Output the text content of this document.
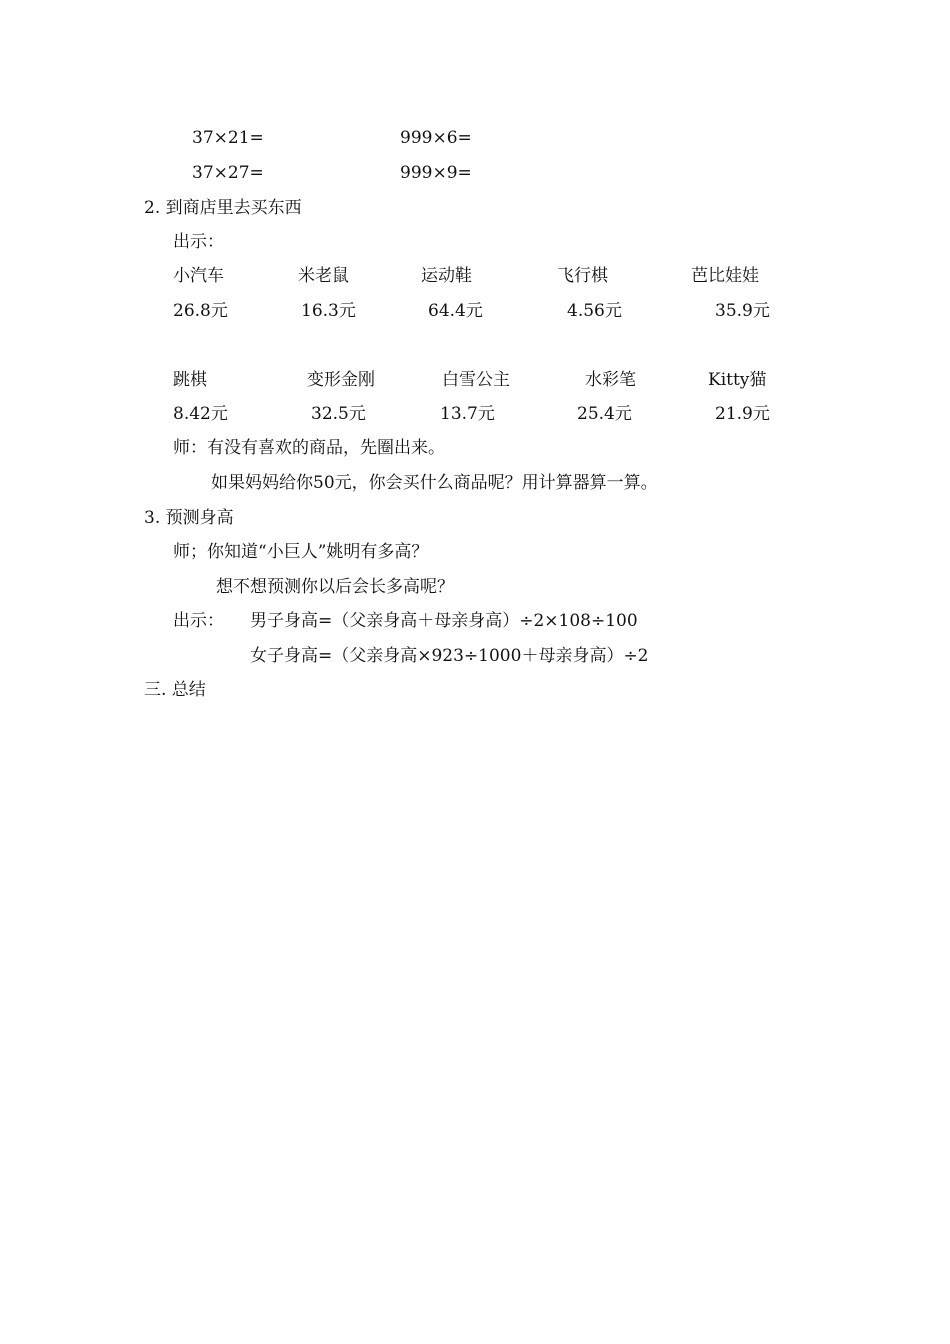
37×21=	999×6=
37×27=	999×9=
2. 到商店里去买东西
出示：
小汽车	米老鼠	运动鞋	飞行棋	芭比娃娃
26.8元	16.3元	64.4元	4.56元	35.9元
跳棋	变形金刚	白雪公主	水彩笔	Kitty猫
8.42元	32.5元	13.7元	25.4元	21.9元
师：有没有喜欢的商品，先圈出来。
如果妈妈给你50元，你会买什么商品呢？用计算器算一算。
3. 预测身高
师；你知道“小巨人”姚明有多高？
想不想预测你以后会长多高呢？
出示： 男子身高=（父亲身高＋母亲身高）÷2×108÷100
女子身高=（父亲身高×923÷1000＋母亲身高）÷2
三. 总结
